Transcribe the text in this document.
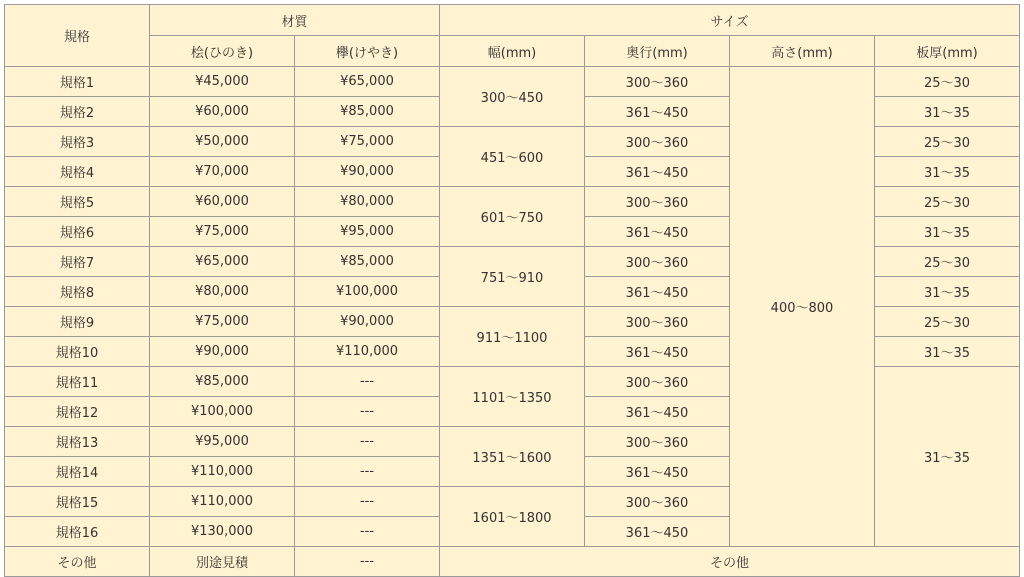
規格	材質		サイズ			
	桧(ひのき)	欅(けやき)	幅(mm)	奥行(mm)	高さ(mm)	板厚(mm)
規格1	¥45,000	¥65,000	300～450	300～360	400～800	25～30
規格2	¥60,000	¥85,000		361～450		31～35
規格3	¥50,000	¥75,000	451～600	300～360		25～30
規格4	¥70,000	¥90,000		361～450		31～35
規格5	¥60,000	¥80,000	601～750	300～360		25～30
規格6	¥75,000	¥95,000		361～450		31～35
規格7	¥65,000	¥85,000	751～910	300～360		25～30
規格8	¥80,000	¥100,000		361～450		31～35
規格9	¥75,000	¥90,000	911～1100	300～360		25～30
規格10	¥90,000	¥110,000		361～450		31～35
規格11	¥85,000	---	1101～1350	300～360		31～35
規格12	¥100,000	---		361～450		
規格13	¥95,000	---	1351～1600	300～360		
規格14	¥110,000	---		361～450		
規格15	¥110,000	---	1601～1800	300～360		
規格16	¥130,000	---		361～450		
その他	別途見積	---	その他			
